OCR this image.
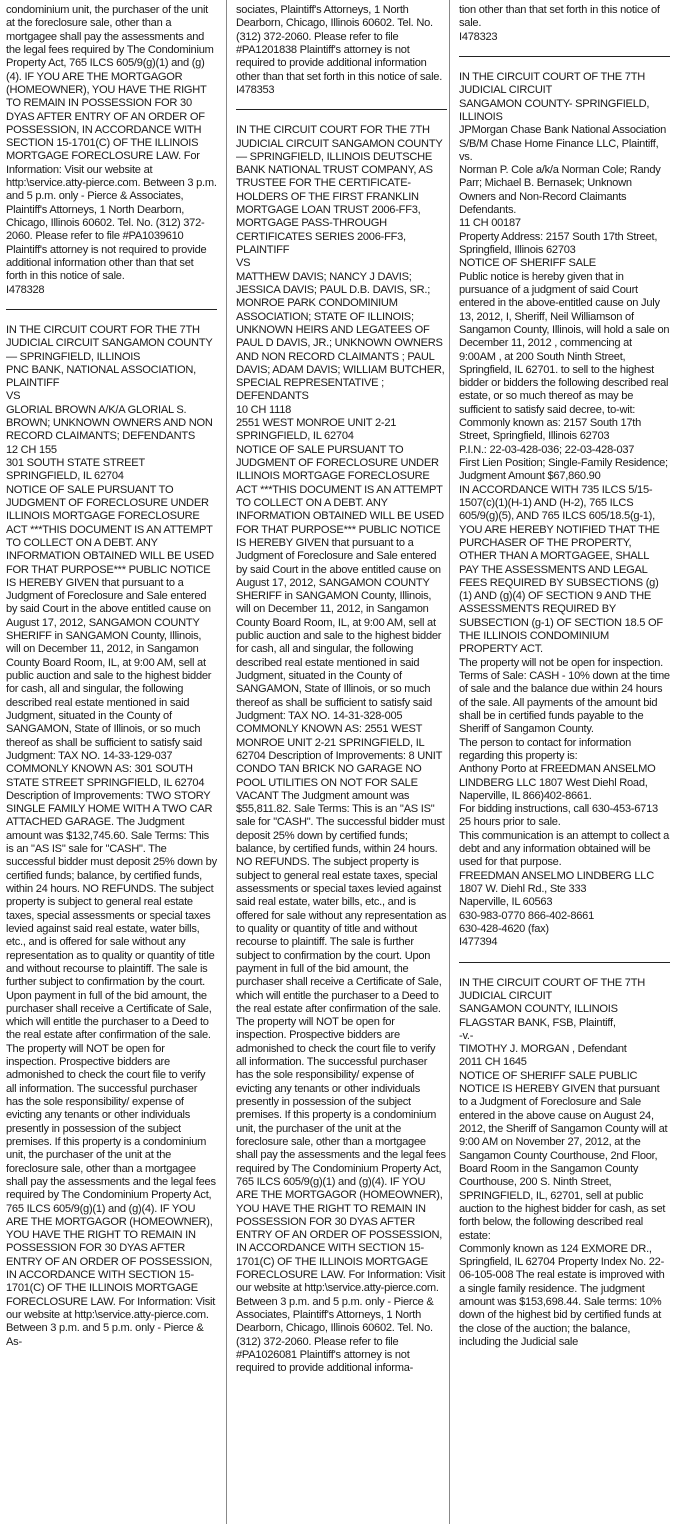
condominium unit, the purchaser of the unit at the foreclosure sale, other than a mortgagee shall pay the assessments and the legal fees required by The Condominium Property Act, 765 ILCS 605/9(g)(1) and (g)(4). IF YOU ARE THE MORTGAGOR (HOMEOWNER), YOU HAVE THE RIGHT TO REMAIN IN POSSESSION FOR 30 DYAS AFTER ENTRY OF AN ORDER OF POSSESSION, IN ACCORDANCE WITH SECTION 15-1701(C) OF THE ILLINOIS MORTGAGE FORECLOSURE LAW. For Information: Visit our website at http:\service.atty-pierce.com. Between 3 p.m. and 5 p.m. only - Pierce & Associates, Plaintiff's Attorneys, 1 North Dearborn, Chicago, Illinois 60602. Tel. No. (312) 372-2060. Please refer to file #PA1039610 Plaintiff's attorney is not required to provide additional information other than that set forth in this notice of sale.
I478328

IN THE CIRCUIT COURT FOR THE 7TH JUDICIAL CIRCUIT SANGAMON COUNTY — SPRINGFIELD, ILLINOIS
PNC BANK, NATIONAL ASSOCIATION, PLAINTIFF
VS
GLORIAL BROWN A/K/A GLORIAL S. BROWN; UNKNOWN OWNERS AND NON RECORD CLAIMANTS; DEFENDANTS
12 CH 155
301 SOUTH STATE STREET SPRINGFIELD, IL 62704
NOTICE OF SALE PURSUANT TO JUDGMENT OF FORECLOSURE UNDER ILLINOIS MORTGAGE FORECLOSURE ACT ***THIS DOCUMENT IS AN ATTEMPT TO COLLECT ON A DEBT. ANY INFORMATION OBTAINED WILL BE USED FOR THAT PURPOSE*** PUBLIC NOTICE IS HEREBY GIVEN that pursuant to a Judgment of Foreclosure and Sale entered by said Court in the above entitled cause on August 17, 2012, SANGAMON COUNTY SHERIFF in SANGAMON County, Illinois, will on December 11, 2012, in Sangamon County Board Room, IL, at 9:00 AM, sell at public auction and sale to the highest bidder for cash, all and singular, the following described real estate mentioned in said Judgment, situated in the County of SANGAMON, State of Illinois, or so much thereof as shall be sufficient to satisfy said Judgment: TAX NO. 14-33-129-037 COMMONLY KNOWN AS: 301 SOUTH STATE STREET SPRINGFIELD, IL 62704 Description of Improvements: TWO STORY SINGLE FAMILY HOME WITH A TWO CAR ATTACHED GARAGE. The Judgment amount was $132,745.60. Sale Terms: This is an "AS IS" sale for "CASH". The successful bidder must deposit 25% down by certified funds; balance, by certified funds, within 24 hours. NO REFUNDS. The subject property is subject to general real estate taxes, special assessments or special taxes levied against said real estate, water bills, etc., and is offered for sale without any representation as to quality or quantity of title and without recourse to plaintiff. The sale is further subject to confirmation by the court. Upon payment in full of the bid amount, the purchaser shall receive a Certificate of Sale, which will entitle the purchaser to a Deed to the real estate after confirmation of the sale. The property will NOT be open for inspection. Prospective bidders are admonished to check the court file to verify all information. The successful purchaser has the sole responsibility/ expense of evicting any tenants or other individuals presently in possession of the subject premises. If this property is a condominium unit, the purchaser of the unit at the foreclosure sale, other than a mortgagee shall pay the assessments and the legal fees required by The Condominium Property Act, 765 ILCS 605/9(g)(1) and (g)(4). IF YOU ARE THE MORTGAGOR (HOMEOWNER), YOU HAVE THE RIGHT TO REMAIN IN POSSESSION FOR 30 DYAS AFTER ENTRY OF AN ORDER OF POSSESSION, IN ACCORDANCE WITH SECTION 15-1701(C) OF THE ILLINOIS MORTGAGE FORECLOSURE LAW. For Information: Visit our website at http:\service.atty-pierce.com. Between 3 p.m. and 5 p.m. only - Pierce & As-

sociates, Plaintiff's Attorneys, 1 North Dearborn, Chicago, Illinois 60602. Tel. No. (312) 372-2060. Please refer to file #PA1201838 Plaintiff's attorney is not required to provide additional information other than that set forth in this notice of sale.
I478353

IN THE CIRCUIT COURT FOR THE 7TH JUDICIAL CIRCUIT SANGAMON COUNTY — SPRINGFIELD, ILLINOIS DEUTSCHE BANK NATIONAL TRUST COMPANY, AS TRUSTEE FOR THE CERTIFICATE-HOLDERS OF THE FIRST FRANKLIN MORTGAGE LOAN TRUST 2006-FF3, MORTGAGE PASS-THROUGH CERTIFICATES SERIES 2006-FF3, PLAINTIFF
VS
MATTHEW DAVIS; NANCY J DAVIS; JESSICA DAVIS; PAUL D.B. DAVIS, SR.; MONROE PARK CONDOMINIUM ASSOCIATION; STATE OF ILLINOIS; UNKNOWN HEIRS AND LEGATEES OF PAUL D DAVIS, JR.; UNKNOWN OWNERS AND NON RECORD CLAIMANTS ; PAUL DAVIS; ADAM DAVIS; WILLIAM BUTCHER, SPECIAL REPRESENTATIVE ; DEFENDANTS
10 CH 1118
2551 WEST MONROE UNIT 2-21 SPRINGFIELD, IL 62704
NOTICE OF SALE PURSUANT TO JUDGMENT OF FORECLOSURE UNDER ILLINOIS MORTGAGE FORECLOSURE ACT ***THIS DOCUMENT IS AN ATTEMPT TO COLLECT ON A DEBT. ANY INFORMATION OBTAINED WILL BE USED FOR THAT PURPOSE*** PUBLIC NOTICE IS HEREBY GIVEN that pursuant to a Judgment of Foreclosure and Sale entered by said Court in the above entitled cause on August 17, 2012, SANGAMON COUNTY SHERIFF in SANGAMON County, Illinois, will on December 11, 2012, in Sangamon County Board Room, IL, at 9:00 AM, sell at public auction and sale to the highest bidder for cash, all and singular, the following described real estate mentioned in said Judgment, situated in the County of SANGAMON, State of Illinois, or so much thereof as shall be sufficient to satisfy said Judgment: TAX NO. 14-31-328-005 COMMONLY KNOWN AS: 2551 WEST MONROE UNIT 2-21 SPRINGFIELD, IL 62704 Description of Improvements: 8 UNIT CONDO TAN BRICK NO GARAGE NO POOL UTILITIES ON NOT FOR SALE VACANT The Judgment amount was $55,811.82. Sale Terms: This is an "AS IS" sale for "CASH". The successful bidder must deposit 25% down by certified funds; balance, by certified funds, within 24 hours. NO REFUNDS. The subject property is subject to general real estate taxes, special assessments or special taxes levied against said real estate, water bills, etc., and is offered for sale without any representation as to quality or quantity of title and without recourse to plaintiff. The sale is further subject to confirmation by the court. Upon payment in full of the bid amount, the purchaser shall receive a Certificate of Sale, which will entitle the purchaser to a Deed to the real estate after confirmation of the sale. The property will NOT be open for inspection. Prospective bidders are admonished to check the court file to verify all information. The successful purchaser has the sole responsibility/ expense of evicting any tenants or other individuals presently in possession of the subject premises. If this property is a condominium unit, the purchaser of the unit at the foreclosure sale, other than a mortgagee shall pay the assessments and the legal fees required by The Condominium Property Act, 765 ILCS 605/9(g)(1) and (g)(4). IF YOU ARE THE MORTGAGOR (HOMEOWNER), YOU HAVE THE RIGHT TO REMAIN IN POSSESSION FOR 30 DYAS AFTER ENTRY OF AN ORDER OF POSSESSION, IN ACCORDANCE WITH SECTION 15-1701(C) OF THE ILLINOIS MORTGAGE FORECLOSURE LAW. For Information: Visit our website at http:\service.atty-pierce.com. Between 3 p.m. and 5 p.m. only - Pierce & Associates, Plaintiff's Attorneys, 1 North Dearborn, Chicago, Illinois 60602. Tel. No. (312) 372-2060. Please refer to file #PA1026081 Plaintiff's attorney is not required to provide additional informa-

tion other than that set forth in this notice of sale.
I478323

IN THE CIRCUIT COURT OF THE 7TH JUDICIAL CIRCUIT
SANGAMON COUNTY- SPRINGFIELD, ILLINOIS
JPMorgan Chase Bank National Association S/B/M Chase Home Finance LLC, Plaintiff,
vs.
Norman P. Cole a/k/a Norman Cole; Randy Parr; Michael B. Bernasek; Unknown Owners and Non-Record Claimants Defendants.
11 CH 00187
Property Address: 2157 South 17th Street, Springfield, Illinois 62703
NOTICE OF SHERIFF SALE
Public notice is hereby given that in pursuance of a judgment of said Court entered in the above-entitled cause on July 13, 2012, I, Sheriff, Neil Williamson of Sangamon County, Illinois, will hold a sale on December 11, 2012 , commencing at 9:00AM , at 200 South Ninth Street, Springfield, IL 62701. to sell to the highest bidder or bidders the following described real estate, or so much thereof as may be sufficient to satisfy said decree, to-wit:
Commonly known as: 2157 South 17th Street, Springfield, Illinois 62703
P.I.N.: 22-03-428-036; 22-03-428-037
First Lien Position; Single-Family Residence; Judgment Amount $67,860.90
IN ACCORDANCE WITH 735 ILCS 5/15-1507(c)(1)(H-1) AND (H-2), 765 ILCS 605/9(g)(5), AND 765 ILCS 605/18.5(g-1), YOU ARE HEREBY NOTIFIED THAT THE PURCHASER OF THE PROPERTY, OTHER THAN A MORTGAGEE, SHALL PAY THE ASSESSMENTS AND LEGAL FEES REQUIRED BY SUBSECTIONS (g)(1) AND (g)(4) OF SECTION 9 AND THE ASSESSMENTS REQUIRED BY SUBSECTION (g-1) OF SECTION 18.5 OF THE ILLINOIS CONDOMINIUM PROPERTY ACT.
The property will not be open for inspection.
Terms of Sale: CASH - 10% down at the time of sale and the balance due within 24 hours of the sale. All payments of the amount bid shall be in certified funds payable to the Sheriff of Sangamon County.
The person to contact for information regarding this property is:
Anthony Porto at FREEDMAN ANSELMO LINDBERG LLC 1807 West Diehl Road, Naperville, IL 866)402-8661.
For bidding instructions, call 630-453-6713 25 hours prior to sale.
This communication is an attempt to collect a debt and any information obtained will be used for that purpose.
FREEDMAN ANSELMO LINDBERG LLC
1807 W. Diehl Rd., Ste 333
Naperville, IL 60563
630-983-0770 866-402-8661
630-428-4620 (fax)
I477394

IN THE CIRCUIT COURT OF THE 7TH JUDICIAL CIRCUIT
SANGAMON COUNTY, ILLINOIS
FLAGSTAR BANK, FSB, Plaintiff,
-v.-
TIMOTHY J. MORGAN , Defendant
2011 CH 1645
NOTICE OF SHERIFF SALE PUBLIC NOTICE IS HEREBY GIVEN that pursuant to a Judgment of Foreclosure and Sale entered in the above cause on August 24, 2012, the Sheriff of Sangamon County will at 9:00 AM on November 27, 2012, at the Sangamon County Courthouse, 2nd Floor, Board Room in the Sangamon County Courthouse, 200 S. Ninth Street, SPRINGFIELD, IL, 62701, sell at public auction to the highest bidder for cash, as set forth below, the following described real estate:
Commonly known as 124 EXMORE DR., Springfield, IL 62704 Property Index No. 22-06-105-008 The real estate is improved with a single family residence. The judgment amount was $153,698.44. Sale terms: 10% down of the highest bid by certified funds at the close of the auction; the balance, including the Judicial sale
